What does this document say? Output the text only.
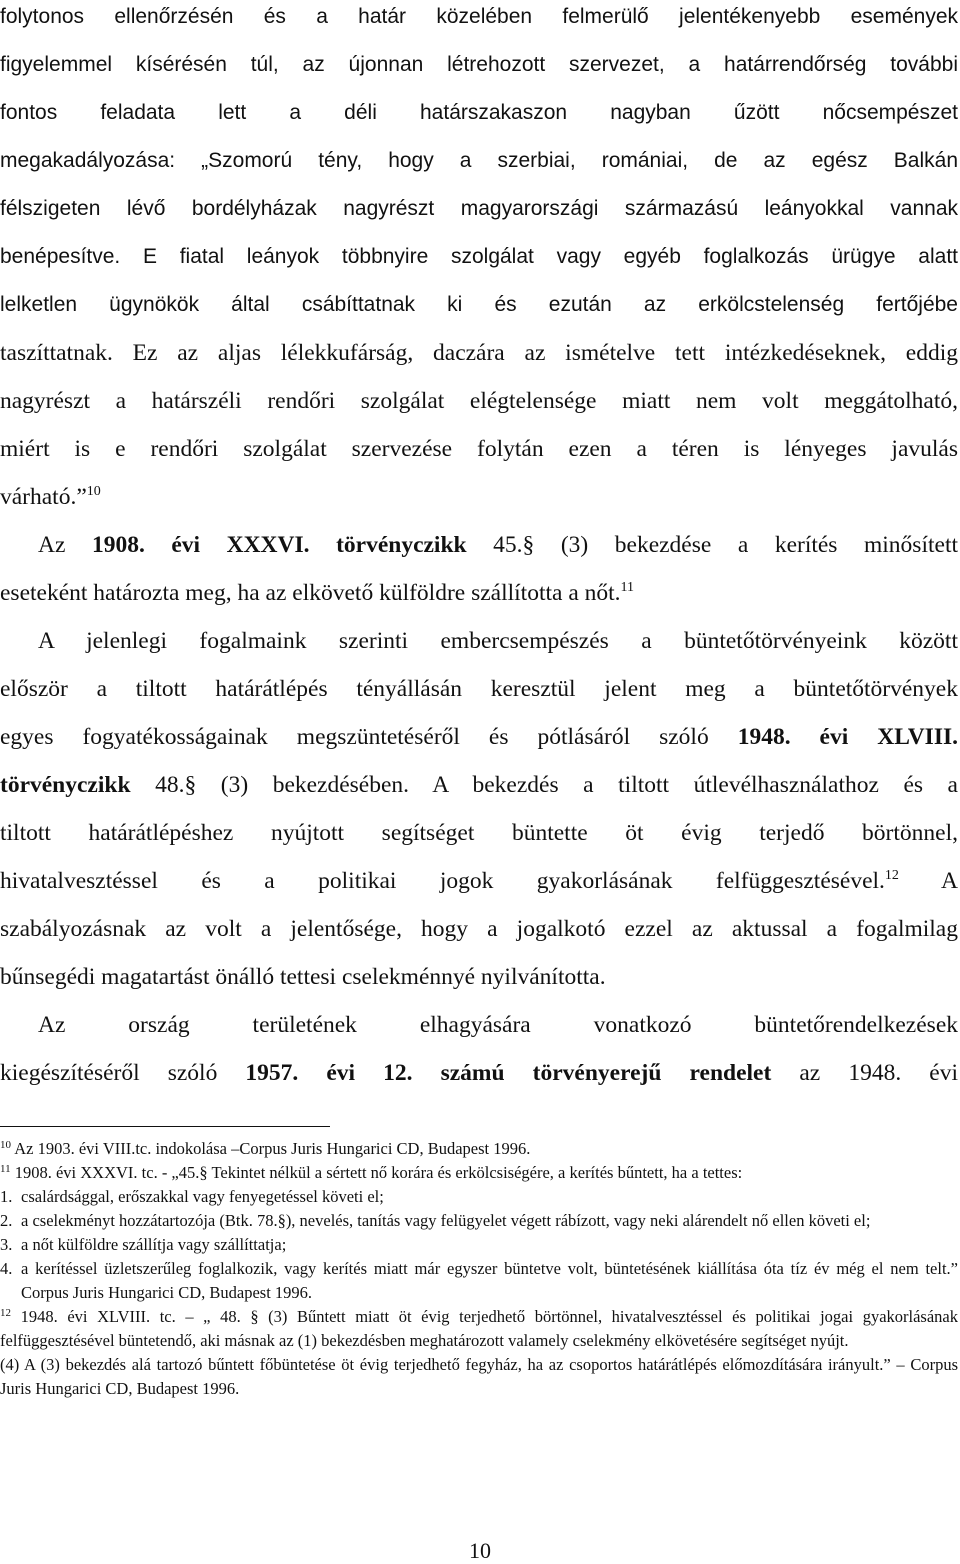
folytonos ellenőrzésén és a határ közelében felmerülő jelentékenyebb események

figyelemmel kísérésén túl, az újonnan létrehozott szervezet, a határrendőrség további

fontos feladata lett a déli határszakaszon nagyban űzött nőcsempészet

megakadályozása: „Szomorú tény, hogy a szerbiai, romániai, de az egész Balkán

félszigeten lévő bordélyházak nagyrészt magyarországi származású leányokkal vannak

benépesítve. E fiatal leányok többnyire szolgálat vagy egyéb foglalkozás ürügye alatt

lelketlen ügynökök által csábíttatnak ki és ezután az erkölcstelenség fertőjébe

taszíttatnak. Ez az aljas lélekkufárság, daczára az ismételve tett intézkedéseknek, eddig

nagyrészt a határszéli rendőri szolgálat elégtelensége miatt nem volt meggátolható,

miért is e rendőri szolgálat szervezése folytán ezen a téren is lényeges javulás

várható.”$^{10}$

Az 1908. évi XXXVI. törvényczikk 45.§ (3) bekezdése a kerítés minősített

eseteként határozta meg, ha az elkövető külföldre szállította a nőt.$^{11}$

A jelenlegi fogalmaink szerinti embercsempészés a büntetőtörvényeink között

először a tiltott határátlépés tényállásán keresztül jelent meg a büntetőtörvények

egyes fogyatékosságainak megszüntetéséről és pótlásáról szóló 1948. évi XLVIII.

törvényczikk 48.§ (3) bekezdésében. A bekezdés a tiltott útlevélhasználathoz és a

tiltott határátlépéshez nyújtott segítséget büntette öt évig terjedő börtönnel,

hivatalvesztéssel és a politikai jogok gyakorlásának felfüggesztésével.$^{12}$ A

szabályozásnak az volt a jelentősége, hogy a jogalkotó ezzel az aktussal a fogalmilag

bűnsegédi magatartást önálló tettesi cselekménnyé nyilvánította.

Az ország területének elhagyására vonatkozó büntetőrendelkezések

kiegészítéséről szóló 1957. évi 12. számú törvényerejű rendelet az 1948. évi

$^{10}$ Az 1903. évi VIII.tc. indokolása –Corpus Juris Hungarici CD, Budapest 1996.

$^{11}$ 1908. évi XXXVI. tc. - „45.§ Tekintet nélkül a sértett nő korára és erkölcsiségére, a kerítés bűntett, ha a tettes:

1. csalárdsággal, erőszakkal vagy fenyegetéssel követi el;

2. a cselekményt hozzátartozója (Btk. 78.§), nevelés, tanítás vagy felügyelet végett rábízott, vagy neki alárendelt nő ellen követi el;

3. a nőt külföldre szállítja vagy szállíttatja;

4. a kerítéssel üzletszerűleg foglalkozik, vagy kerítés miatt már egyszer büntetve volt, büntetésének kiállítása óta tíz év még el nem telt.” Corpus Juris Hungarici CD, Budapest 1996.

$^{12}$ 1948. évi XLVIII. tc. – „ 48. § (3) Bűntett miatt öt évig terjedhető börtönnel, hivatalvesztéssel és politikai jogai gyakorlásának felfüggesztésével büntetendő, aki másnak az (1) bekezdésben meghatározott valamely cselekmény elkövetésére segítséget nyújt.

(4) A (3) bekezdés alá tartozó bűntett főbüntetése öt évig terjedhető fegyház, ha az csoportos határátlépés előmozdítására irányult.” – Corpus Juris Hungarici CD, Budapest 1996.

10
